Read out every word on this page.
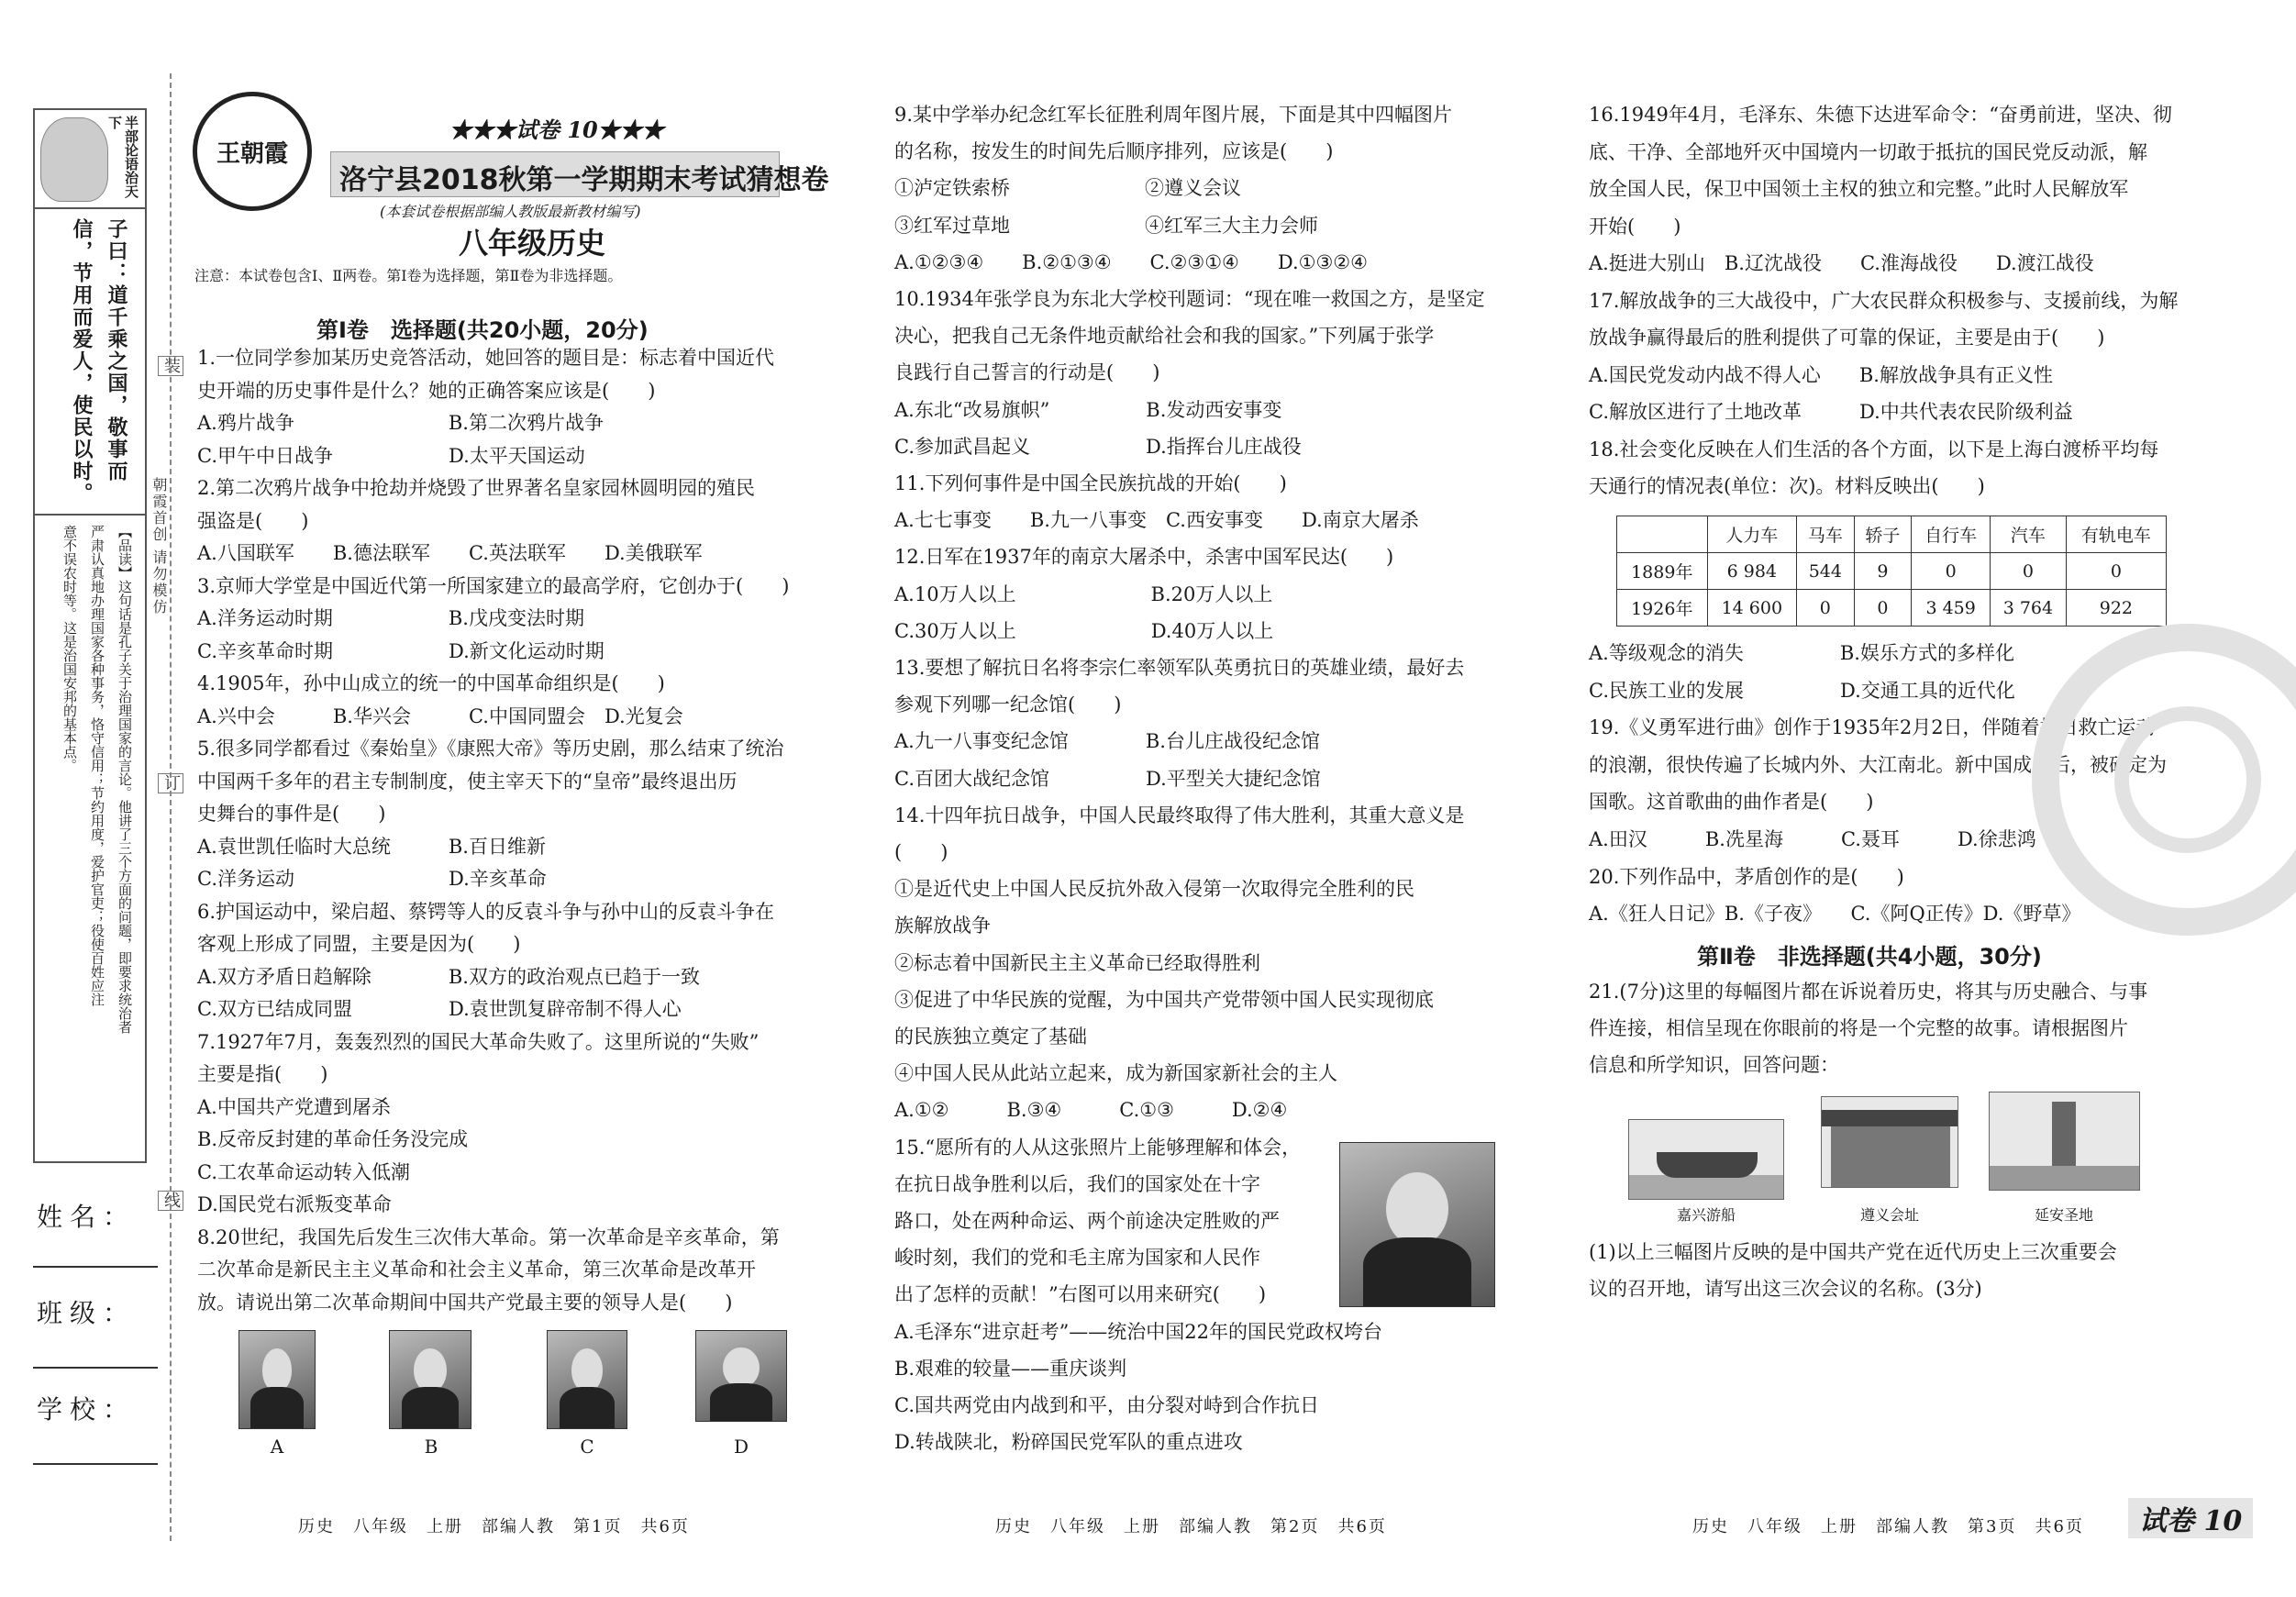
半部论语治天下
子曰：道千乘之国，敬事而
信，节用而爱人，使民以时。
【品读】这句话是孔子关于治理国家的言论。他讲了三个方面的问题，即要求统治者
严肃认真地办理国家各种事务，恪守信用；节约用度，爱护官吏；役使百姓应注
意不误农时等。这是治国安邦的基本点。
装
订
线
朝霞首创 请勿模仿
姓名：
班级：
学校：
王朝霞
★★★试卷 10★★★
洛宁县2018秋第一学期期末考试猜想卷
(本套试卷根据部编人教版最新教材编写)
八年级历史
注意：本试卷包含Ⅰ、Ⅱ两卷。第Ⅰ卷为选择题，第Ⅱ卷为非选择题。
第Ⅰ卷　选择题(共20小题，20分)
1.一位同学参加某历史竞答活动，她回答的题目是：标志着中国近代
史开端的历史事件是什么？她的正确答案应该是(　　)
A.鸦片战争　　　　　　　　B.第二次鸦片战争
C.甲午中日战争　　　　　　D.太平天国运动
2.第二次鸦片战争中抢劫并烧毁了世界著名皇家园林圆明园的殖民
强盗是(　　)
A.八国联军　　B.德法联军　　C.英法联军　　D.美俄联军
3.京师大学堂是中国近代第一所国家建立的最高学府，它创办于(　　)
A.洋务运动时期　　　　　　B.戊戌变法时期
C.辛亥革命时期　　　　　　D.新文化运动时期
4.1905年，孙中山成立的统一的中国革命组织是(　　)
A.兴中会　　　B.华兴会　　　C.中国同盟会　D.光复会
5.很多同学都看过《秦始皇》《康熙大帝》等历史剧，那么结束了统治
中国两千多年的君主专制制度，使主宰天下的“皇帝”最终退出历
史舞台的事件是(　　)
A.袁世凯任临时大总统　　　B.百日维新
C.洋务运动　　　　　　　　D.辛亥革命
6.护国运动中，梁启超、蔡锷等人的反袁斗争与孙中山的反袁斗争在
客观上形成了同盟，主要是因为(　　)
A.双方矛盾日趋解除　　　　B.双方的政治观点已趋于一致
C.双方已结成同盟　　　　　D.袁世凯复辟帝制不得人心
7.1927年7月，轰轰烈烈的国民大革命失败了。这里所说的“失败”
主要是指(　　)
A.中国共产党遭到屠杀
B.反帝反封建的革命任务没完成
C.工农革命运动转入低潮
D.国民党右派叛变革命
8.20世纪，我国先后发生三次伟大革命。第一次革命是辛亥革命，第
二次革命是新民主主义革命和社会主义革命，第三次革命是改革开
放。请说出第二次革命期间中国共产党最主要的领导人是(　　)
A	B	C	D
9.某中学举办纪念红军长征胜利周年图片展，下面是其中四幅图片
的名称，按发生的时间先后顺序排列，应该是(　　)
①泸定铁索桥　　　　　　　②遵义会议
③红军过草地　　　　　　　④红军三大主力会师
A.①②③④　　B.②①③④　　C.②③①④　　D.①③②④
10.1934年张学良为东北大学校刊题词：“现在唯一救国之方，是坚定
决心，把我自己无条件地贡献给社会和我的国家。”下列属于张学
良践行自己誓言的行动是(　　)
A.东北“改易旗帜”　　　　　B.发动西安事变
C.参加武昌起义　　　　　　D.指挥台儿庄战役
11.下列何事件是中国全民族抗战的开始(　　)
A.七七事变　　B.九一八事变　C.西安事变　　D.南京大屠杀
12.日军在1937年的南京大屠杀中，杀害中国军民达(　　)
A.10万人以上　　　　　　　B.20万人以上
C.30万人以上　　　　　　　D.40万人以上
13.要想了解抗日名将李宗仁率领军队英勇抗日的英雄业绩，最好去
参观下列哪一纪念馆(　　)
A.九一八事变纪念馆　　　　B.台儿庄战役纪念馆
C.百团大战纪念馆　　　　　D.平型关大捷纪念馆
14.十四年抗日战争，中国人民最终取得了伟大胜利，其重大意义是
(　　)
①是近代史上中国人民反抗外敌入侵第一次取得完全胜利的民
族解放战争
②标志着中国新民主主义革命已经取得胜利
③促进了中华民族的觉醒，为中国共产党带领中国人民实现彻底
的民族独立奠定了基础
④中国人民从此站立起来，成为新国家新社会的主人
A.①②　　　B.③④　　　C.①③　　　D.②④
15.“愿所有的人从这张照片上能够理解和体会，
在抗日战争胜利以后，我们的国家处在十字
路口，处在两种命运、两个前途决定胜败的严
峻时刻，我们的党和毛主席为国家和人民作
出了怎样的贡献！”右图可以用来研究(　　)
A.毛泽东“进京赶考”——统治中国22年的国民党政权垮台
B.艰难的较量——重庆谈判
C.国共两党由内战到和平，由分裂对峙到合作抗日
D.转战陕北，粉碎国民党军队的重点进攻
16.1949年4月，毛泽东、朱德下达进军命令：“奋勇前进，坚决、彻
底、干净、全部地歼灭中国境内一切敢于抵抗的国民党反动派，解
放全国人民，保卫中国领土主权的独立和完整。”此时人民解放军
开始(　　)
A.挺进大别山　B.辽沈战役　　C.淮海战役　　D.渡江战役
17.解放战争的三大战役中，广大农民群众积极参与、支援前线，为解
放战争赢得最后的胜利提供了可靠的保证，主要是由于(　　)
A.国民党发动内战不得人心　　B.解放战争具有正义性
C.解放区进行了土地改革　　　D.中共代表农民阶级利益
18.社会变化反映在人们生活的各个方面，以下是上海白渡桥平均每
天通行的情况表(单位：次)。材料反映出(　　)
	人力车	马车	轿子	自行车	汽车	有轨电车
1889年	6 984	544	9	0	0	0
1926年	14 600	0	0	3 459	3 764	922
A.等级观念的消失　　　　　B.娱乐方式的多样化
C.民族工业的发展　　　　　D.交通工具的近代化
19.《义勇军进行曲》创作于1935年2月2日，伴随着抗日救亡运动
的浪潮，很快传遍了长城内外、大江南北。新中国成立后，被确定为
国歌。这首歌曲的曲作者是(　　)
A.田汉　　　B.冼星海　　　C.聂耳　　　D.徐悲鸿
20.下列作品中，茅盾创作的是(　　)
A.《狂人日记》B.《子夜》　　C.《阿Q正传》D.《野草》
第Ⅱ卷　非选择题(共4小题，30分)
21.(7分)这里的每幅图片都在诉说着历史，将其与历史融合、与事
件连接，相信呈现在你眼前的将是一个完整的故事。请根据图片
信息和所学知识，回答问题：
嘉兴游船	遵义会址	延安圣地
(1)以上三幅图片反映的是中国共产党在近代历史上三次重要会
议的召开地，请写出这三次会议的名称。(3分)
历史　八年级　上册　部编人教　第1页　共6页	历史　八年级　上册　部编人教　第2页　共6页	历史　八年级　上册　部编人教　第3页　共6页	试卷 10
